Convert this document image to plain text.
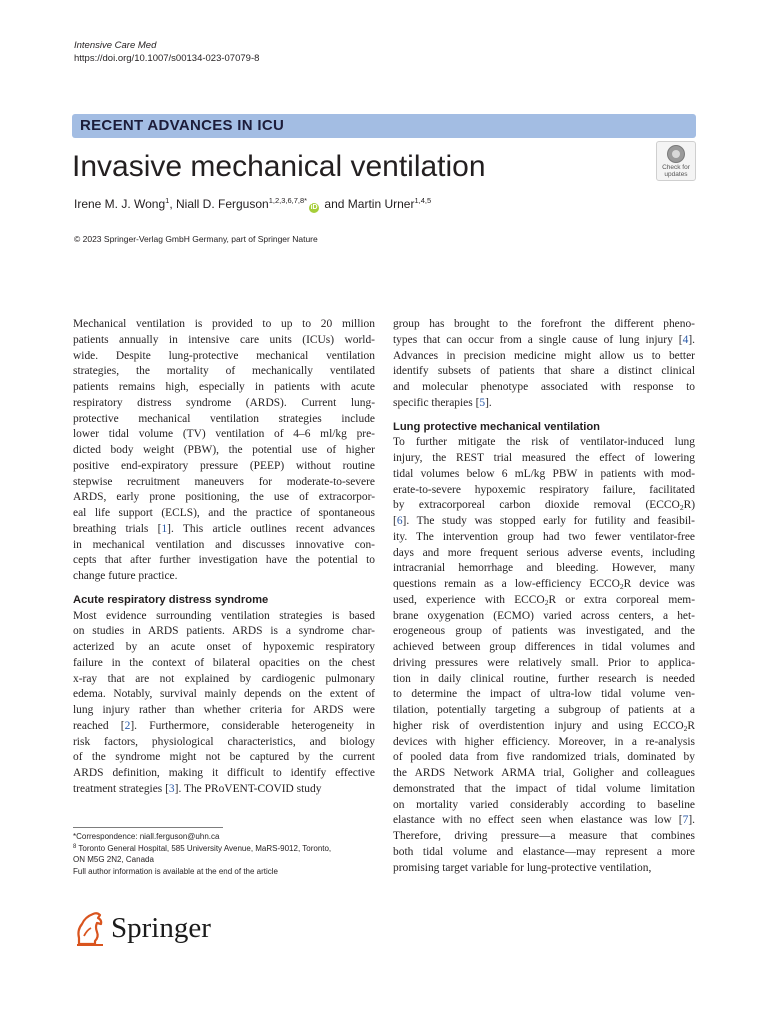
Intensive Care Med
https://doi.org/10.1007/s00134-023-07079-8
RECENT ADVANCES IN ICU
Invasive mechanical ventilation	Check for
updates
Irene M. J. Wong$^1$, Niall D. Ferguson$^{1,2,3,6,7,8*}$iD and Martin Urner$^{1,4,5}$
© 2023 Springer-Verlag GmbH Germany, part of Springer Nature
Mechanical ventilation is provided to up to 20 million
patients annually in intensive care units (ICUs) world-
wide. Despite lung-protective mechanical ventilation
strategies, the mortality of mechanically ventilated
patients remains high, especially in patients with acute
respiratory distress syndrome (ARDS). Current lung-
protective mechanical ventilation strategies include
lower tidal volume (TV) ventilation of 4–6 ml/kg pre-
dicted body weight (PBW), the potential use of higher
positive end-expiratory pressure (PEEP) without routine
stepwise recruitment maneuvers for moderate-to-severe
ARDS, early prone positioning, the use of extracorpor-
eal life support (ECLS), and the practice of spontaneous
breathing trials [1]. This article outlines recent advances
in mechanical ventilation and discusses innovative con-
cepts that after further investigation have the potential to
change future practice.
Acute respiratory distress syndrome
Most evidence surrounding ventilation strategies is based
on studies in ARDS patients. ARDS is a syndrome char-
acterized by an acute onset of hypoxemic respiratory
failure in the context of bilateral opacities on the chest
x-ray that are not explained by cardiogenic pulmonary
edema. Notably, survival mainly depends on the extent of
lung injury rather than whether criteria for ARDS were
reached [2]. Furthermore, considerable heterogeneity in
risk factors, physiological characteristics, and biology
of the syndrome might not be captured by the current
ARDS definition, making it difficult to identify effective
treatment strategies [3]. The PRoVENT-COVID study
group has brought to the forefront the different pheno-
types that can occur from a single cause of lung injury [4].
Advances in precision medicine might allow us to better
identify subsets of patients that share a distinct clinical
and molecular phenotype associated with response to
specific therapies [5].
Lung protective mechanical ventilation
To further mitigate the risk of ventilator-induced lung
injury, the REST trial measured the effect of lowering
tidal volumes below 6 mL/kg PBW in patients with mod-
erate-to-severe hypoxemic respiratory failure, facilitated
by extracorporeal carbon dioxide removal $(ECCO_2R)$
[6]. The study was stopped early for futility and feasibil-
ity. The intervention group had two fewer ventilator-free
days and more frequent serious adverse events, including
intracranial hemorrhage and bleeding. However, many
questions remain as a low-efficiency $ECCO_2R$ device was
used, experience with $ECCO_2R$ or extra corporeal mem-
brane oxygenation (ECMO) varied across centers, a het-
erogeneous group of patients was investigated, and the
achieved between group differences in tidal volumes and
driving pressures were relatively small. Prior to applica-
tion in daily clinical routine, further research is needed
to determine the impact of ultra-low tidal volume ven-
tilation, potentially targeting a subgroup of patients at a
higher risk of overdistention injury and using $ECCO_2R$
devices with higher efficiency. Moreover, in a re-analysis
of pooled data from five randomized trials, dominated by
the ARDS Network ARMA trial, Goligher and colleagues
demonstrated that the impact of tidal volume limitation
on mortality varied considerably according to baseline
elastance with no effect seen when elastance was low [7].
Therefore, driving pressure—a measure that combines
both tidal volume and elastance—may represent a more
promising target variable for lung-protective ventilation,
*Correspondence: niall.ferguson@uhn.ca
$^8$ Toronto General Hospital, 585 University Avenue, MaRS-9012, Toronto,
ON M5G 2N2, Canada
Full author information is available at the end of the article
Springer
